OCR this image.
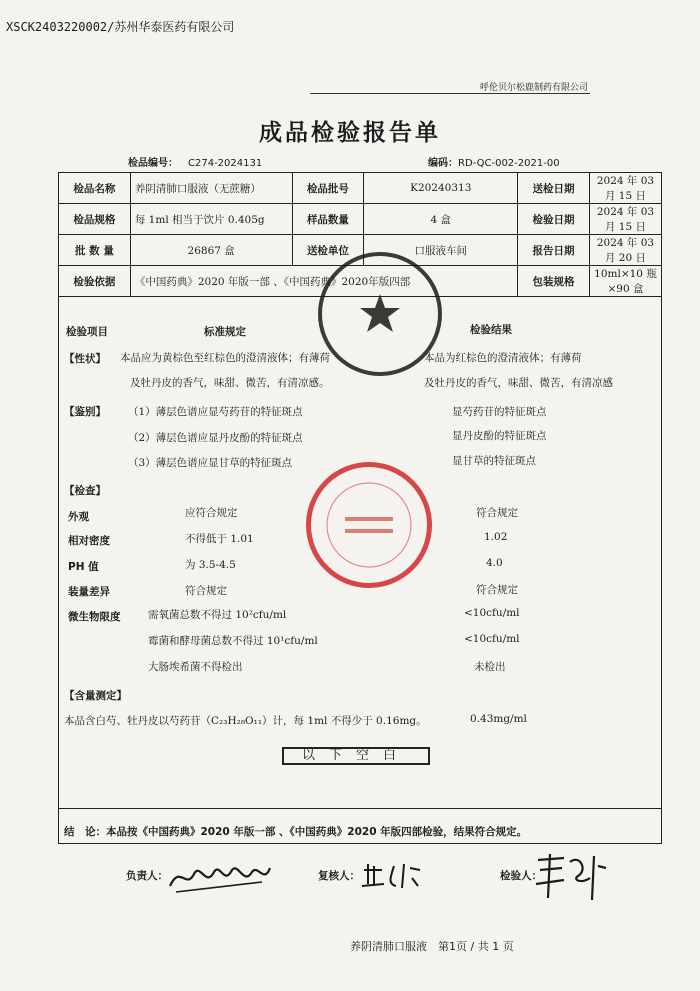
XSCK2403220002/苏州华泰医药有限公司
呼伦贝尔松鹿制药有限公司
成品检验报告单
检品编号： C274-2024131	编码：RD-QC-002-2021-00
检品名称	养阴清肺口服液（无蔗糖）	检品批号	K20240313	送检日期	2024 年 03 月 15 日
检品规格	每 1ml 相当于饮片 0.405g	样品数量	4 盒	检验日期	2024 年 03 月 15 日
批 数 量	26867 盒	送检单位	口服液车间	报告日期	2024 年 03 月 20 日
检验依据	《中国药典》2020 年版一部 、《中国药典》2020年版四部			包装规格	10ml×10 瓶×90 盒
检验项目	标准规定	检验结果
【性状】 本品应为黄棕色至红棕色的澄清液体；有薄荷
及牡丹皮的香气，味甜、微苦，有清凉感。
本品为红棕色的澄清液体；有薄荷
及牡丹皮的香气，味甜、微苦，有清凉感
【鉴别】 （1）薄层色谱应显芍药苷的特征斑点	显芍药苷的特征斑点
（2）薄层色谱应显丹皮酚的特征斑点	显丹皮酚的特征斑点
（3）薄层色谱应显甘草的特征斑点	显甘草的特征斑点
【检查】
外观	应符合规定	符合规定
相对密度	不得低于 1.01	1.02
PH 值	为 3.5-4.5	4.0
装量差异	符合规定	符合规定
微生物限度	需氧菌总数不得过 10²cfu/ml	<10cfu/ml
霉菌和酵母菌总数不得过 10¹cfu/ml	<10cfu/ml
大肠埃希菌不得检出	未检出
【含量测定】
本品含白芍、牡丹皮以芍药苷（C₂₃H₂₈O₁₁）计，每 1ml 不得少于 0.16mg。	0.43mg/ml
以下空白
结　论：本品按《中国药典》2020 年版一部 、《中国药典》2020 年版四部检验，结果符合规定。
负责人：	复核人：	检验人：
养阴清肺口服液　第1页 / 共 1 页
